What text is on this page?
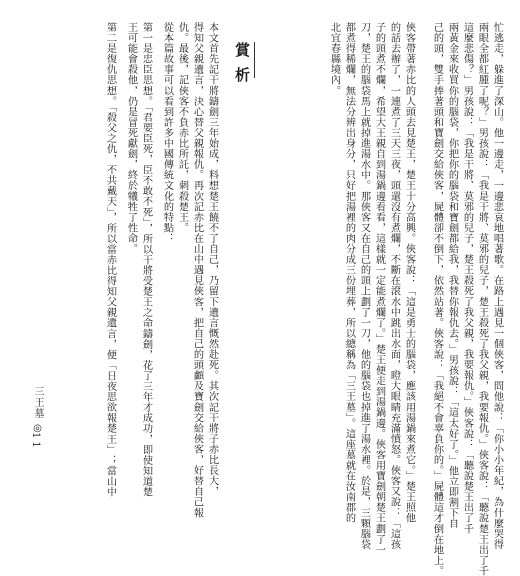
忙逃走，躲進了深山。他一邊走，一邊悲哀地唱著歌。在路上遇見一個俠客，問他說：「你小小年紀，為什麼哭得
兩眼全都紅腫了呢？」男孩說：「我是干將、莫邪的兒子，楚王殺死了我父親，我要報仇。」俠客說：「聽說楚王出了千
這麼悲傷？」男孩說：「我是干將、莫邪的兒子，楚王殺死了我父親，我要報仇。」俠客說：「聽說楚王出了千
兩黃金來收買你的腦袋，你把你的腦袋和寶劍都給我，我替你報仇去。」男孩說：「這太好了。」他立即割下自
己的頭，雙手捧著頭和寶劍交給俠客，屍體卻不倒下，依然站著。俠客說：「我絕不會辜負你的。」屍體這才倒在地上。
俠客帶著赤比的人頭去見楚王，楚王十分高興。俠客說：「這是勇士的腦袋，應該用湯鍋來煮它。」楚王照他
的話去辦了，一連煮了三天三夜，頭還沒有煮爛，不斷在滾水中跳出水面，瞪大眼睛充滿憤怒。俠客又說：「這孩
子的頭煮不爛，希望大王親自到湯鍋邊看看，這樣就一定能煮爛了。」楚王便走到湯鍋邊。俠客用寶劍朝楚王劃了一
刀，楚王的腦袋馬上就掉進湯水中。那俠客又在自己的頭上劃了一刀，他的腦袋也掉進了湯水裡。於是，三顆腦袋
都煮得稀爛，無法分辨出身分，只好把湯裡的肉分成三份埋葬，所以總稱為「三王墓」。這座墓就在汝南郡的
北宜春縣境內。
賞析
本文首先記干將鑄劍三年始成，料想楚王饒不了自己，乃留下遺言慨然赴死。其次記干將子赤比長大，
得知父親遺言，決心替父親報仇。再次記赤比在山中遇見俠客，把自己的頭顱及寶劍交給俠客，好替自己報
仇。最後，記俠客不負赤比所託，刺殺楚王。
從本篇故事可以看到許多中國傳統文化的特點：
第一是忠臣思想。「君要臣死，臣不敢不死」，所以干將受楚王之命鑄劍，花了三年才成功，即使知道楚
王可能會殺他，仍是冒死獻劍，終於犧牲了性命。
第二是復仇思想。「殺父之仇，不共戴天」，所以當赤比得知父親遺言，便「日夜思欲報楚王」；當山中
三王墓 ◎
11
